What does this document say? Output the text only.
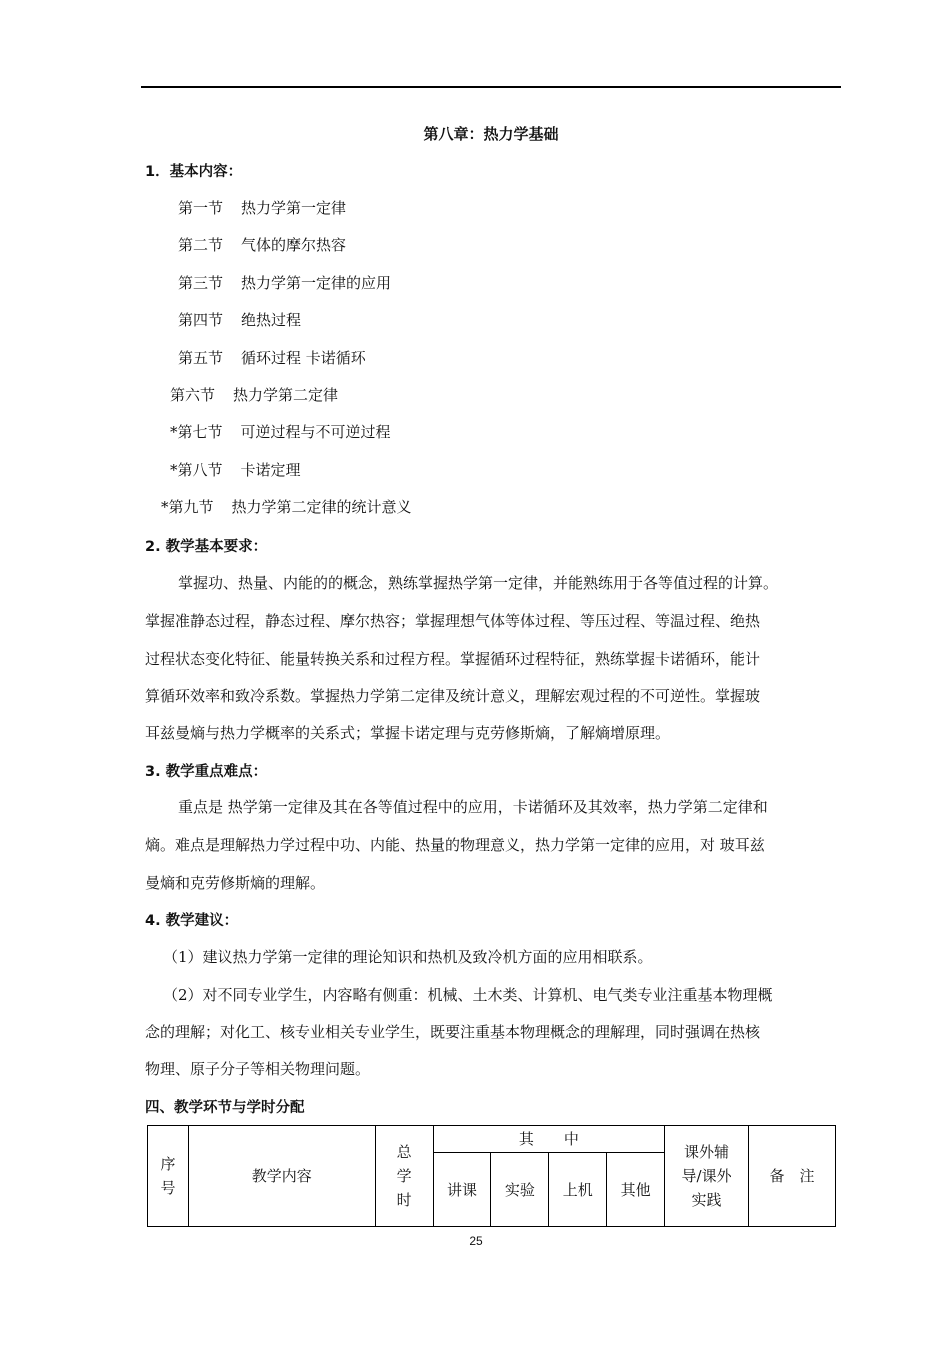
第八章：热力学基础
1．基本内容：
第一节 热力学第一定律
第二节 气体的摩尔热容
第三节 热力学第一定律的应用
第四节 绝热过程
第五节 循环过程 卡诺循环
第六节 热力学第二定律
*第七节 可逆过程与不可逆过程
*第八节 卡诺定理
*第九节 热力学第二定律的统计意义
2. 教学基本要求：
掌握功、热量、内能的的概念，熟练掌握热学第一定律，并能熟练用于各等值过程的计算。
掌握准静态过程，静态过程、摩尔热容；掌握理想气体等体过程、等压过程、等温过程、绝热
过程状态变化特征、能量转换关系和过程方程。掌握循环过程特征，熟练掌握卡诺循环，能计
算循环效率和致冷系数。掌握热力学第二定律及统计意义，理解宏观过程的不可逆性。掌握玻
耳兹曼熵与热力学概率的关系式；掌握卡诺定理与克劳修斯熵，了解熵增原理。
3. 教学重点难点：
重点是 热学第一定律及其在各等值过程中的应用，卡诺循环及其效率，热力学第二定律和
熵。难点是理解热力学过程中功、内能、热量的物理意义，热力学第一定律的应用，对 玻耳兹
曼熵和克劳修斯熵的理解。
4. 教学建议：
（1）建议热力学第一定律的理论知识和热机及致冷机方面的应用相联系。
（2）对不同专业学生，内容略有侧重：机械、土木类、计算机、电气类专业注重基本物理概
念的理解；对化工、核专业相关专业学生，既要注重基本物理概念的理解理，同时强调在热核
物理、原子分子等相关物理问题。
四、教学环节与学时分配
序号	教学内容	总学时	其　　中				课外辅导/课外实践	备　注
			讲课	实验	上机	其他		
25
